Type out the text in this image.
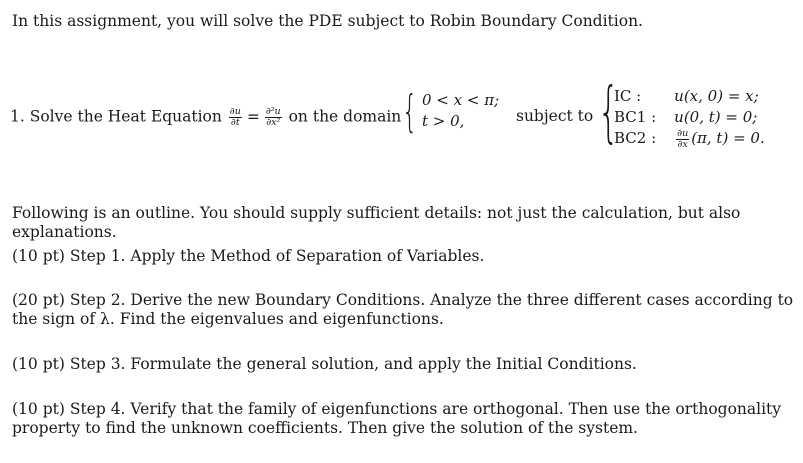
In this assignment, you will solve the PDE subject to Robin Boundary Condition.
1. Solve the Heat Equation $\frac{\partial u}{\partial t} = \frac{\text{∂²u}}{\text{∂x²}}$ on the domain { 0 < x < π;
t > 0,	subject to {
IC :	u(x, 0) = x;
BC1 :	u(0, t) = 0;
BC2 :	$\frac{\partial u}{\partial x} (\pi$, t) = 0.
Following is an outline. You should supply sufficient details: not just the calculation, but also explanations.
(10 pt) Step 1. Apply the Method of Separation of Variables.
(20 pt) Step 2. Derive the new Boundary Conditions. Analyze the three different cases according to the sign of λ. Find the eigenvalues and eigenfunctions.
(10 pt) Step 3. Formulate the general solution, and apply the Initial Conditions.
(10 pt) Step 4. Verify that the family of eigenfunctions are orthogonal. Then use the orthogonality property to find the unknown coefficients. Then give the solution of the system.
